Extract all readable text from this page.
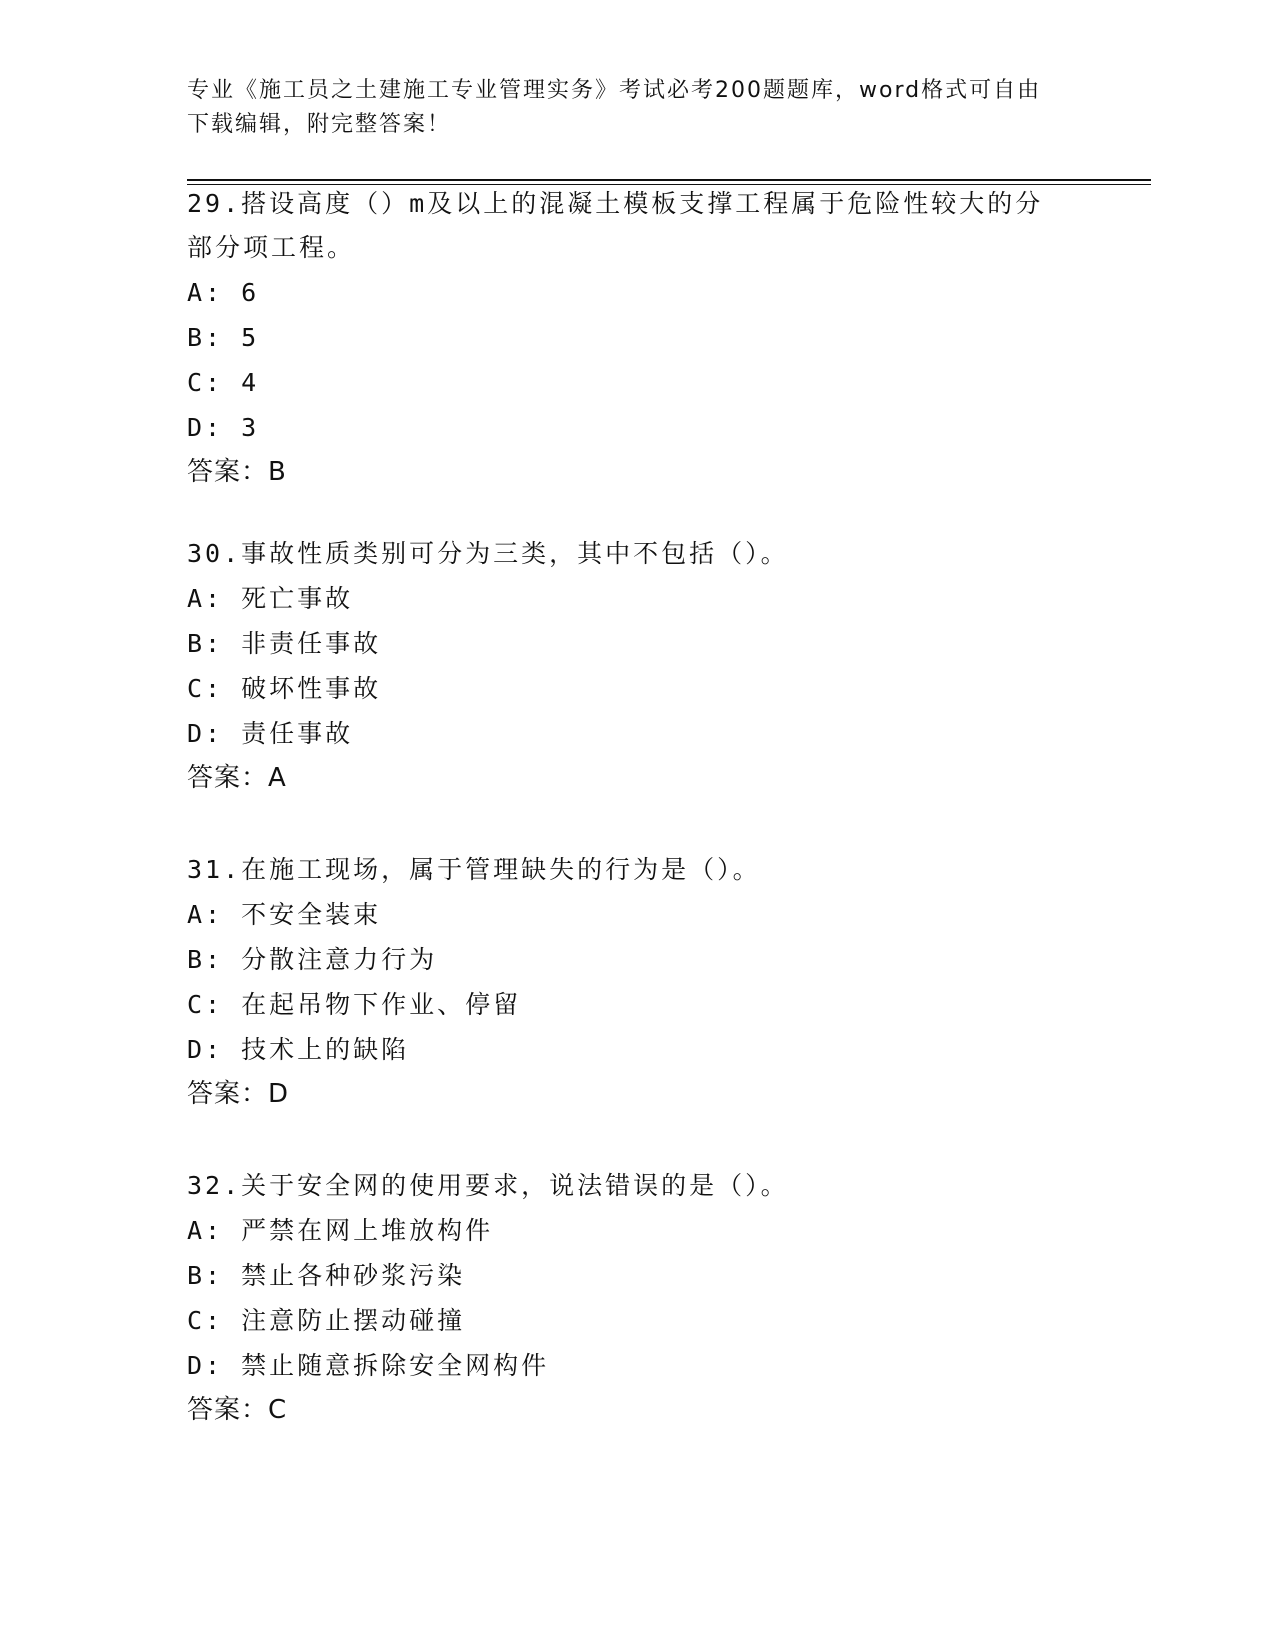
专业《施工员之土建施工专业管理实务》考试必考200题题库，word格式可自由
下载编辑，附完整答案！
29.搭设高度（）m及以上的混凝土模板支撑工程属于危险性较大的分
部分项工程。
A: 6
B: 5
C: 4
D: 3
答案：B
30.事故性质类别可分为三类，其中不包括（）。
A: 死亡事故
B: 非责任事故
C: 破坏性事故
D: 责任事故
答案：A
31.在施工现场，属于管理缺失的行为是（）。
A: 不安全装束
B: 分散注意力行为
C: 在起吊物下作业、停留
D: 技术上的缺陷
答案：D
32.关于安全网的使用要求，说法错误的是（）。
A: 严禁在网上堆放构件
B: 禁止各种砂浆污染
C: 注意防止摆动碰撞
D: 禁止随意拆除安全网构件
答案：C
